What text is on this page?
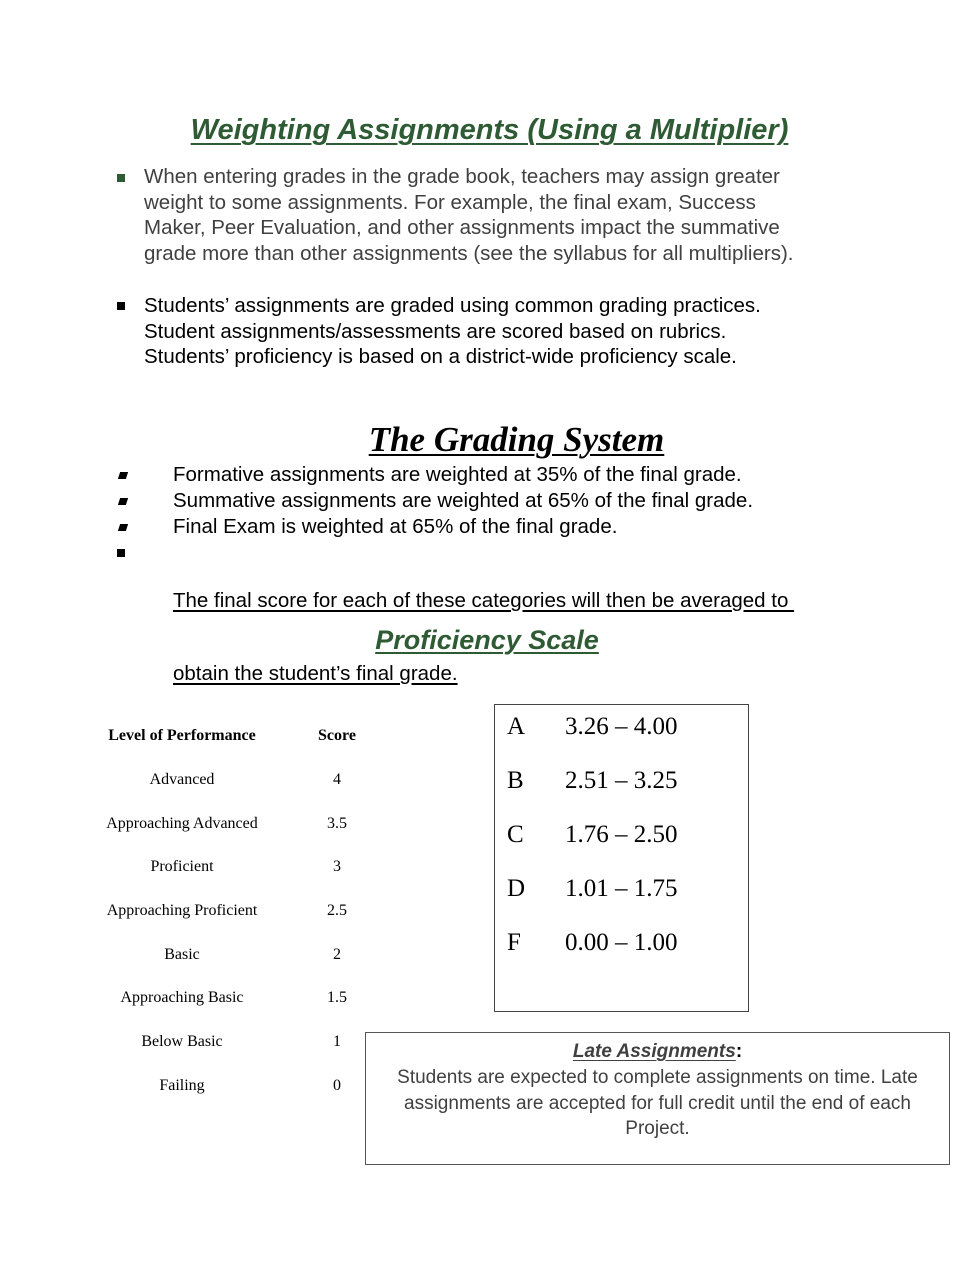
Weighting Assignments (Using a Multiplier)
When entering grades in the grade book, teachers may assign greater
weight to some assignments. For example, the final exam, Success
Maker, Peer Evaluation, and other assignments impact the summative
grade more than other assignments (see the syllabus for all multipliers).
Students’ assignments are graded using common grading practices.
Student assignments/assessments are scored based on rubrics.
Students’ proficiency is based on a district-wide proficiency scale.
The Grading System
Formative assignments are weighted at 35% of the final grade.
Summative assignments are weighted at 65% of the final grade.
Final Exam is weighted at 65% of the final grade.

The final score for each of these categories will then be averaged to

obtain the student’s final grade.

Proficiency Scale
Level of Performance	Score
Advanced	4
Approaching Advanced	3.5
Proficient	3
Approaching Proficient	2.5
Basic	2
Approaching Basic	1.5
Below Basic	1
Failing	0
A 3.26 – 4.00
B 2.51 – 3.25
C 1.76 – 2.50
D 1.01 – 1.75
F 0.00 – 1.00
Late Assignments:
Students are expected to complete assignments on time. Late
assignments are accepted for full credit until the end of each
Project.
